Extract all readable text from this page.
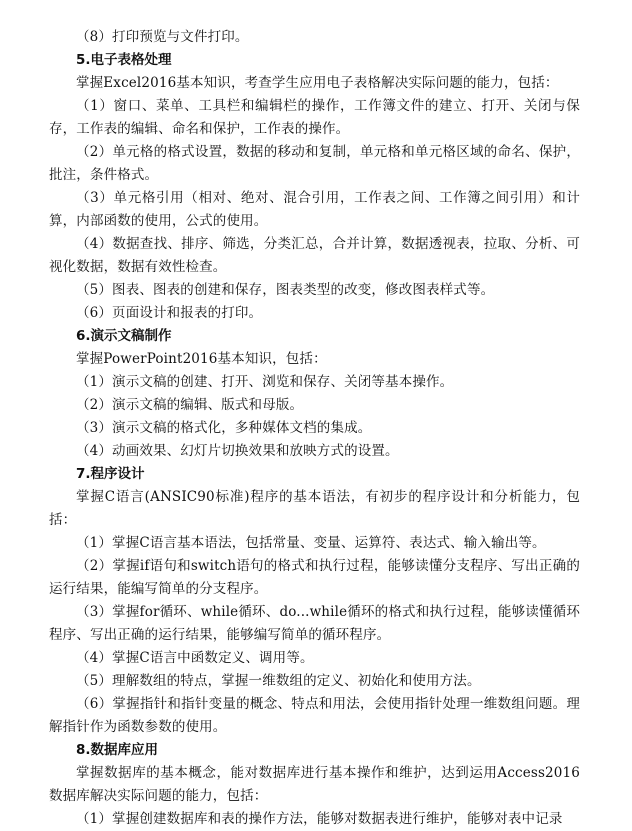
（8）打印预览与文件打印。

5.电子表格处理

掌握Excel2016基本知识，考查学生应用电子表格解决实际问题的能力，包括：

（1）窗口、菜单、工具栏和编辑栏的操作，工作簿文件的建立、打开、关闭与保存，工作表的编辑、命名和保护，工作表的操作。

（2）单元格的格式设置，数据的移动和复制，单元格和单元格区域的命名、保护，批注，条件格式。

（3）单元格引用（相对、绝对、混合引用，工作表之间、工作簿之间引用）和计算，内部函数的使用，公式的使用。

（4）数据查找、排序、筛选，分类汇总，合并计算，数据透视表，拉取、分析、可视化数据，数据有效性检查。

（5）图表、图表的创建和保存，图表类型的改变，修改图表样式等。

（6）页面设计和报表的打印。

6.演示文稿制作

掌握PowerPoint2016基本知识，包括：

（1）演示文稿的创建、打开、浏览和保存、关闭等基本操作。

（2）演示文稿的编辑、版式和母版。

（3）演示文稿的格式化，多种媒体文档的集成。

（4）动画效果、幻灯片切换效果和放映方式的设置。

7.程序设计

掌握C语言(ANSIC90标准)程序的基本语法，有初步的程序设计和分析能力，包括：

（1）掌握C语言基本语法，包括常量、变量、运算符、表达式、输入输出等。

（2）掌握if语句和switch语句的格式和执行过程，能够读懂分支程序、写出正确的运行结果，能编写简单的分支程序。

（3）掌握for循环、while循环、do...while循环的格式和执行过程，能够读懂循环程序、写出正确的运行结果，能够编写简单的循环程序。

（4）掌握C语言中函数定义、调用等。

（5）理解数组的特点，掌握一维数组的定义、初始化和使用方法。

（6）掌握指针和指针变量的概念、特点和用法，会使用指针处理一维数组问题。理解指针作为函数参数的使用。

8.数据库应用

掌握数据库的基本概念，能对数据库进行基本操作和维护，达到运用Access2016数据库解决实际问题的能力，包括：

（1）掌握创建数据库和表的操作方法，能够对数据表进行维护，能够对表中记录
